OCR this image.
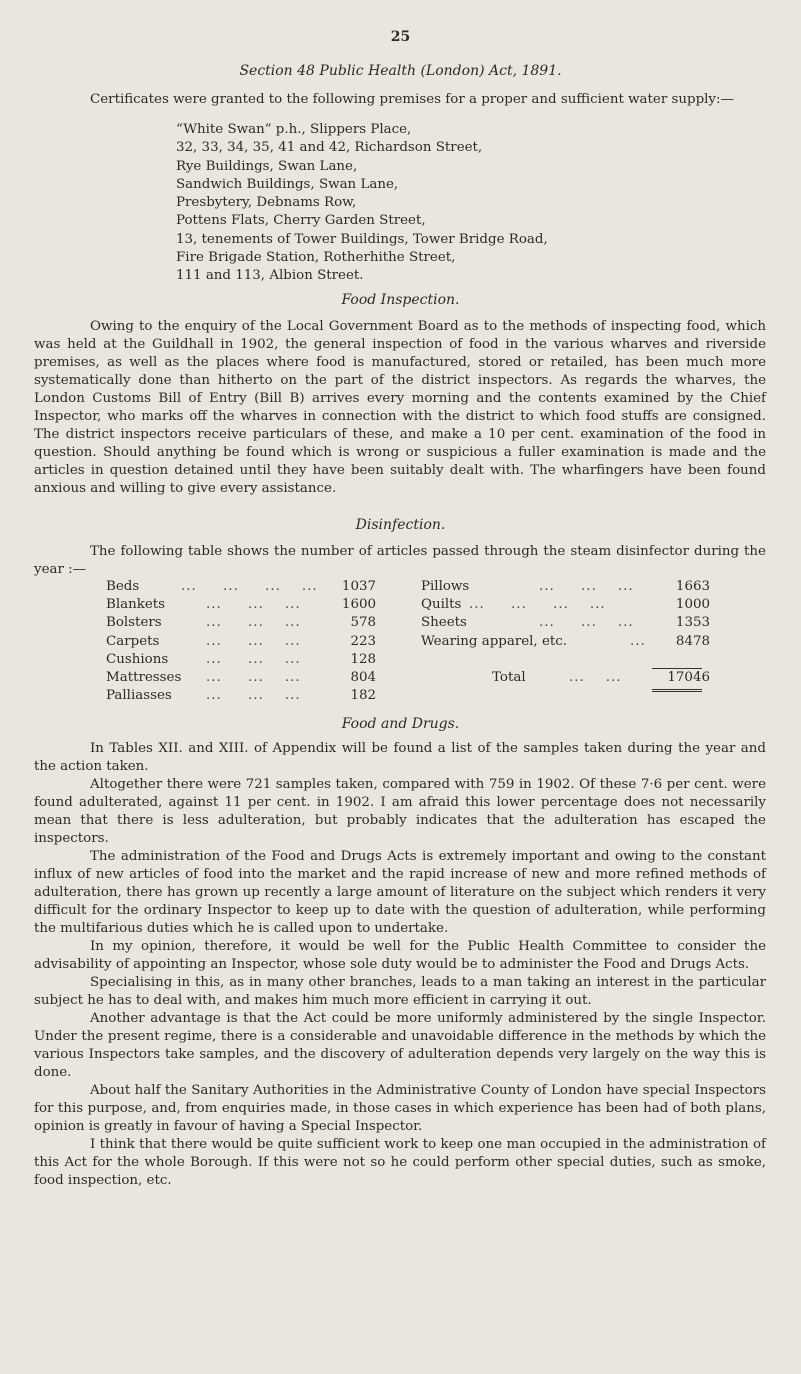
25
Section 48 Public Health (London) Act, 1891.

Certificates were granted to the following premises for a proper and sufficient water supply:—

“White Swan” p.h., Slippers Place,
32, 33, 34, 35, 41 and 42, Richardson Street,
Rye Buildings, Swan Lane,
Sandwich Buildings, Swan Lane,
Presbytery, Debnams Row,
Pottens Flats, Cherry Garden Street,
13, tenements of Tower Buildings, Tower Bridge Road,
Fire Brigade Station, Rotherhithe Street,
111 and 113, Albion Street.
Food Inspection.

Owing to the enquiry of the Local Government Board as to the methods of inspecting food, which was held at the Guildhall in 1902, the general inspection of food in the various wharves and riverside premises, as well as the places where food is manufactured, stored or retailed, has been much more systematically done than hitherto on the part of the district inspectors. As regards the wharves, the London Customs Bill of Entry (Bill B) arrives every morning and the contents examined by the Chief Inspector, who marks off the wharves in connection with the district to which food stuffs are consigned. The district inspectors receive particulars of these, and make a 10 per cent. examination of the food in question. Should anything be found which is wrong or suspicious a fuller examination is made and the articles in question detained until they have been suitably dealt with. The wharfingers have been found anxious and willing to give every assistance.

Disinfection.

The following table shows the number of articles passed through the steam disinfector during the year :—

Beds	...     ...     ...    ... 1037
Blankets	...     ...    ...	1600
Bolsters	...     ...    ...	578
Carpets	...     ...    ...	223
Cushions	...     ...    ...	128
Mattresses ...     ...    ...	804
Palliasses	...     ...    ...	182
Pillows	...     ...    ...	1663
Quilts ...     ...     ...    ...	1000
Sheets	...     ...    ...	1353
Wearing apparel, etc.	... 8478
Total	...    ...	17046
Food and Drugs.

In Tables XII. and XIII. of Appendix will be found a list of the samples taken during the year and the action taken.

Altogether there were 721 samples taken, compared with 759 in 1902. Of these 7·6 per cent. were found adulterated, against 11 per cent. in 1902. I am afraid this lower percentage does not necessarily mean that there is less adulteration, but probably indicates that the adulteration has escaped the inspectors.

The administration of the Food and Drugs Acts is extremely important and owing to the constant influx of new articles of food into the market and the rapid increase of new and more refined methods of adulteration, there has grown up recently a large amount of literature on the subject which renders it very difficult for the ordinary Inspector to keep up to date with the question of adulteration, while performing the multifarious duties which he is called upon to undertake.

In my opinion, therefore, it would be well for the Public Health Committee to consider the advisability of appointing an Inspector, whose sole duty would be to administer the Food and Drugs Acts.

Specialising in this, as in many other branches, leads to a man taking an interest in the particular subject he has to deal with, and makes him much more efficient in carrying it out.

Another advantage is that the Act could be more uniformly administered by the single Inspector. Under the present regime, there is a considerable and unavoidable difference in the methods by which the various Inspectors take samples, and the discovery of adulteration depends very largely on the way this is done.

About half the Sanitary Authorities in the Administrative County of London have special Inspectors for this purpose, and, from enquiries made, in those cases in which experience has been had of both plans, opinion is greatly in favour of having a Special Inspector.

I think that there would be quite sufficient work to keep one man occupied in the administration of this Act for the whole Borough. If this were not so he could perform other special duties, such as smoke, food inspection, etc.
